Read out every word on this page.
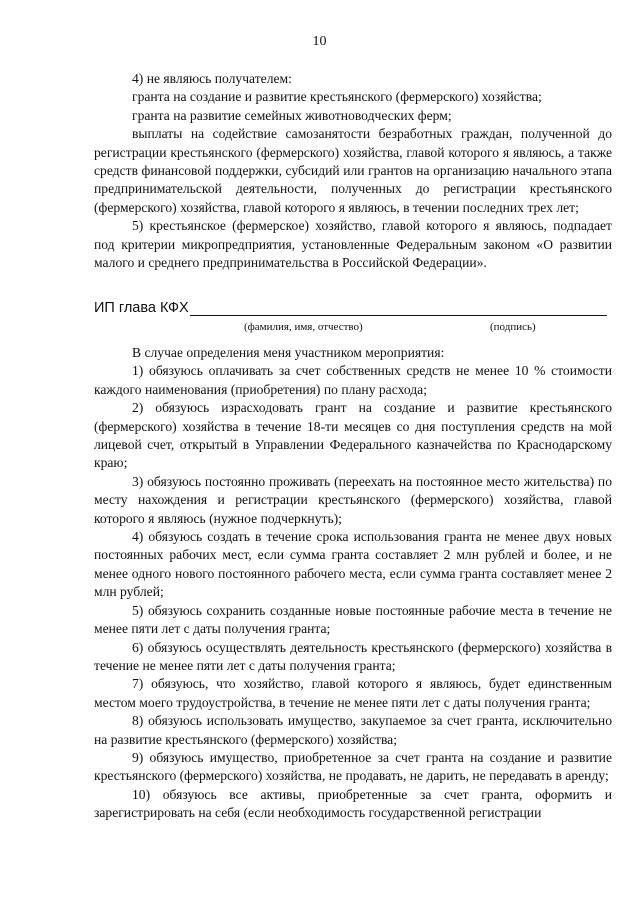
10

4) не являюсь получателем:

гранта на создание и развитие крестьянского (фермерского) хозяйства;

гранта на развитие семейных животноводческих ферм;

выплаты на содействие самозанятости безработных граждан, полученной до регистрации крестьянского (фермерского) хозяйства, главой которого я являюсь, а также средств финансовой поддержки, субсидий или грантов на организацию начального этапа предпринимательской деятельности, полученных до регистрации крестьянского (фермерского) хозяйства, главой которого я являюсь, в течении последних трех лет;

5) крестьянское (фермерское) хозяйство, главой которого я являюсь, подпадает под критерии микропредприятия, установленные Федеральным законом «О развитии малого и среднего предпринимательства в Российской Федерации».

ИП глава КФХ
(фамилия, имя, отчество)	(подпись)

В случае определения меня участником мероприятия:

1) обязуюсь оплачивать за счет собственных средств не менее 10 % стоимости каждого наименования (приобретения) по плану расхода;

2) обязуюсь израсходовать грант на создание и развитие крестьянского (фермерского) хозяйства в течение 18-ти месяцев со дня поступления средств на мой лицевой счет, открытый в Управлении Федерального казначейства по Краснодарскому краю;

3) обязуюсь постоянно проживать (переехать на постоянное место жительства) по месту нахождения и регистрации крестьянского (фермерского) хозяйства, главой которого я являюсь (нужное подчеркнуть);

4) обязуюсь создать в течение срока использования гранта не менее двух новых постоянных рабочих мест, если сумма гранта составляет 2 млн рублей и более, и не менее одного нового постоянного рабочего места, если сумма гранта составляет менее 2 млн рублей;

5) обязуюсь сохранить созданные новые постоянные рабочие места в течение не менее пяти лет с даты получения гранта;

6) обязуюсь осуществлять деятельность крестьянского (фермерского) хозяйства в течение не менее пяти лет с даты получения гранта;

7) обязуюсь, что хозяйство, главой которого я являюсь, будет единственным местом моего трудоустройства, в течение не менее пяти лет с даты получения гранта;

8) обязуюсь использовать имущество, закупаемое за счет гранта, исключительно на развитие крестьянского (фермерского) хозяйства;

9) обязуюсь имущество, приобретенное за счет гранта на создание и развитие крестьянского (фермерского) хозяйства, не продавать, не дарить, не передавать в аренду;

10) обязуюсь все активы, приобретенные за счет гранта, оформить и зарегистрировать на себя (если необходимость государственной регистрации
